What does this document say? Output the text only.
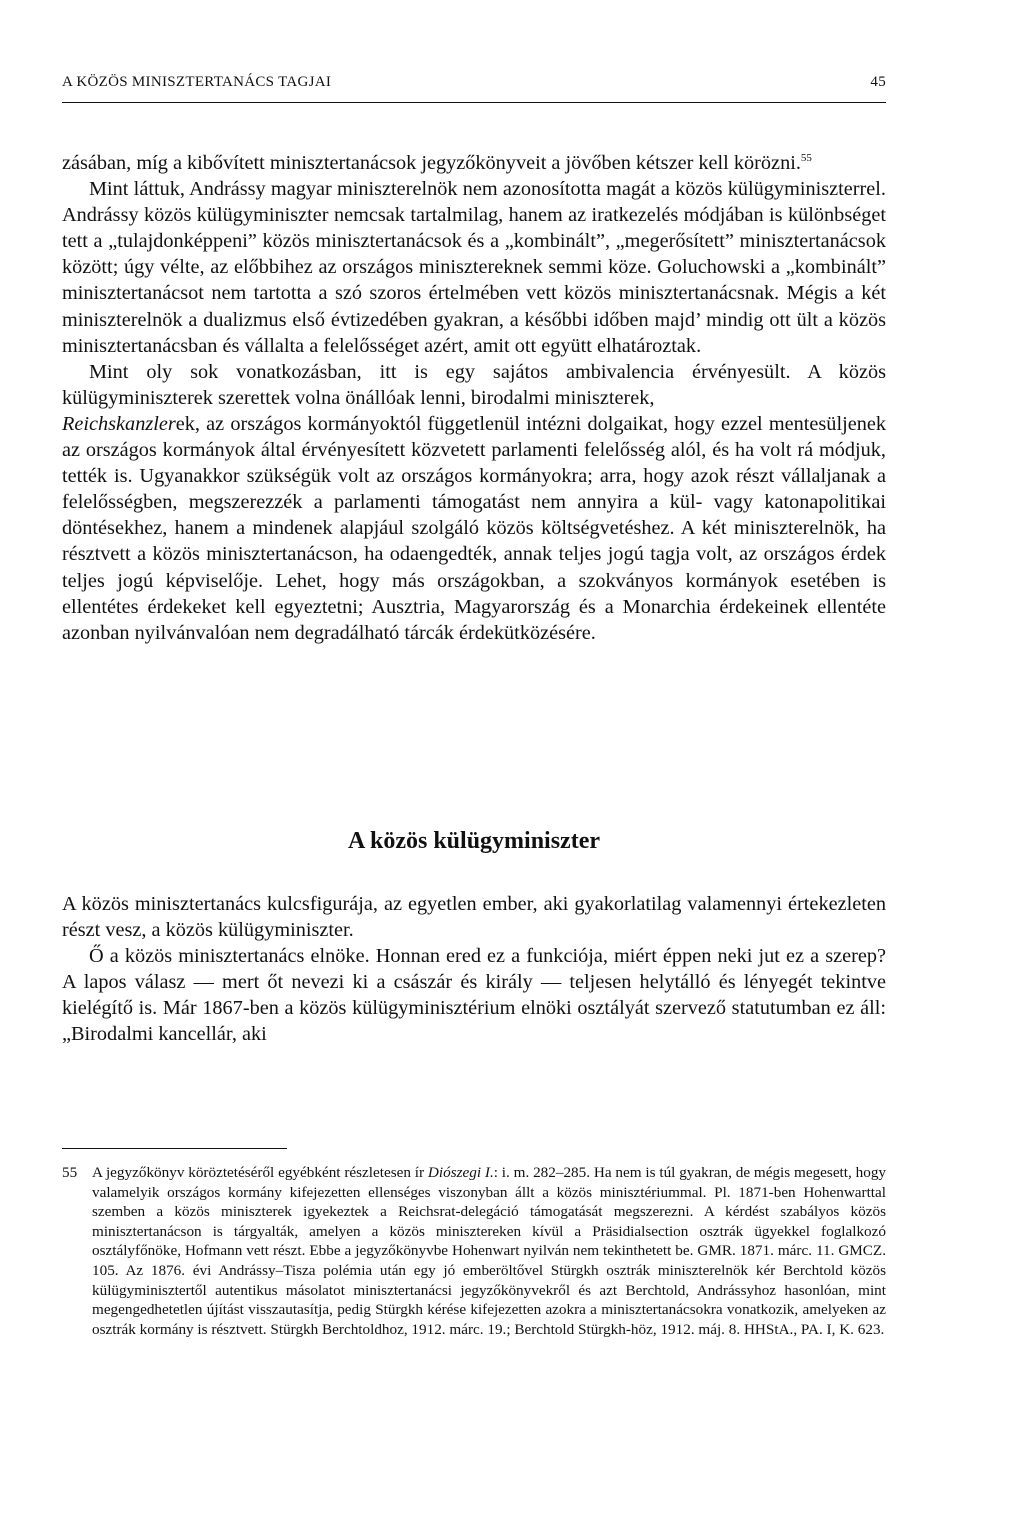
A KÖZÖS MINISZTERTANÁCS TAGJAI	45

zásában, míg a kibővített minisztertanácsok jegyzőkönyveit a jövőben kétszer kell körözni.$^{55}$

Mint láttuk, Andrássy magyar miniszterelnök nem azonosította magát a közös külügyminiszterrel. Andrássy közös külügyminiszter nemcsak tartalmilag, hanem az iratkezelés módjában is különbséget tett a „tulajdonképpeni” közös minisztertanácsok és a „kombinált”, „megerősített” minisztertanácsok között; úgy vélte, az előbbihez az országos minisztereknek semmi köze. Goluchowski a „kombinált” minisztertanácsot nem tartotta a szó szoros értelmében vett közös minisztertanácsnak. Mégis a két miniszterelnök a dualizmus első évtizedében gyakran, a későbbi időben majd’ mindig ott ült a közös minisztertanácsban és vállalta a felelősséget azért, amit ott együtt elhatároztak.

Mint oly sok vonatkozásban, itt is egy sajátos ambivalencia érvényesült. A közös külügyminiszterek szerettek volna önállóak lenni, birodalmi miniszterek,
Reichskanzlerek, az országos kormányoktól függetlenül intézni dolgaikat, hogy ezzel mentesüljenek az országos kormányok által érvényesített közvetett parlamenti felelősség alól, és ha volt rá módjuk, tették is. Ugyanakkor szükségük volt az országos kormányokra; arra, hogy azok részt vállaljanak a felelősségben, megszerezzék a parlamenti támogatást nem annyira a kül- vagy katonapolitikai döntésekhez, hanem a mindenek alapjául szolgáló közös költségvetéshez. A két miniszterelnök, ha résztvett a közös minisztertanácson, ha odaengedték, annak teljes jogú tagja volt, az országos érdek teljes jogú képviselője. Lehet, hogy más országokban, a szokványos kormányok esetében is ellentétes érdekeket kell egyeztetni; Ausztria, Magyarország és a Monarchia érdekeinek ellentéte azonban nyilvánvalóan nem degradálható tárcák érdekütközésére.

A közös külügyminiszter

A közös minisztertanács kulcsfigurája, az egyetlen ember, aki gyakorlatilag valamennyi értekezleten részt vesz, a közös külügyminiszter.

Ő a közös minisztertanács elnöke. Honnan ered ez a funkciója, miért éppen neki jut ez a szerep? A lapos válasz — mert őt nevezi ki a császár és király — teljesen helytálló és lényegét tekintve kielégítő is. Már 1867-ben a közös külügyminisztérium elnöki osztályát szervező statutumban ez áll: „Birodalmi kancellár, aki

55 A jegyzőkönyv köröztetéséről egyébként részletesen ír Diószegi I.: i. m. 282–285. Ha nem is túl gyakran, de mégis megesett, hogy valamelyik országos kormány kifejezetten ellenséges viszonyban állt a közös minisztériummal. Pl. 1871-ben Hohenwarttal szemben a közös miniszterek igyekeztek a Reichsrat-delegáció támogatását megszerezni. A kérdést szabályos közös minisztertanácson is tárgyalták, amelyen a közös minisztereken kívül a Präsidialsection osztrák ügyekkel foglalkozó osztályfőnöke, Hofmann vett részt. Ebbe a jegyzőkönyvbe Hohenwart nyilván nem tekinthetett be. GMR. 1871. márc. 11. GMCZ. 105. Az 1876. évi Andrássy–Tisza polémia után egy jó emberöltővel Stürgkh osztrák miniszterelnök kér Berchtold közös külügyminisztertől autentikus másolatot minisztertanácsi jegyzőkönyvekről és azt Berchtold, Andrássyhoz hasonlóan, mint megengedhetetlen újítást visszautasítja, pedig Stürgkh kérése kifejezetten azokra a minisztertanácsokra vonatkozik, amelyeken az osztrák kormány is résztvett. Stürgkh Berchtoldhoz, 1912. márc. 19.; Berchtold Stürgkh-höz, 1912. máj. 8. HHStA., PA. I, K. 623.
